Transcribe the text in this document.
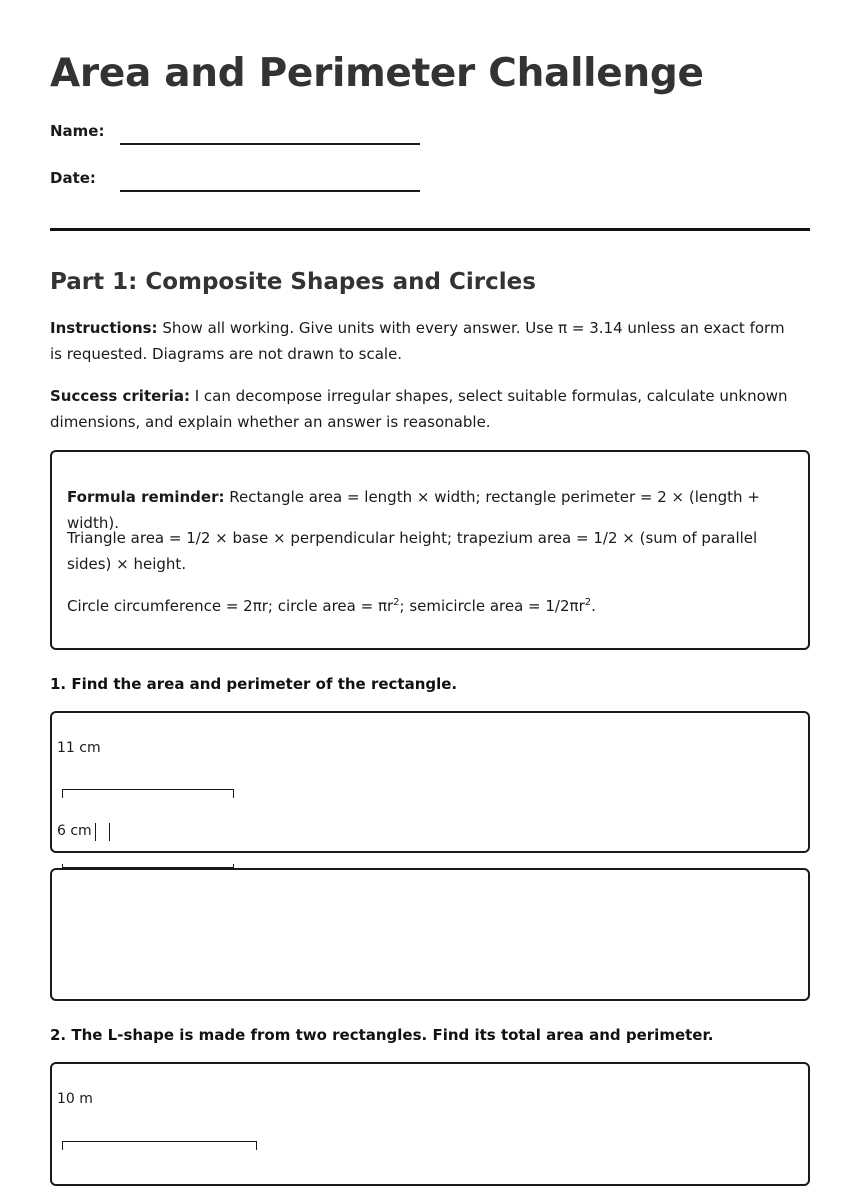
Area and Perimeter Challenge
Name:
Date:
Part 1: Composite Shapes and Circles
Instructions: Show all working. Give units with every answer. Use π = 3.14 unless an exact form is requested. Diagrams are not drawn to scale.
Success criteria: I can decompose irregular shapes, select suitable formulas, calculate unknown dimensions, and explain whether an answer is reasonable.
Formula reminder: Rectangle area = length × width; rectangle perimeter = 2 × (length + width).
Triangle area = 1/2 × base × perpendicular height; trapezium area = 1/2 × (sum of parallel sides) × height.
Circle circumference = 2πr; circle area = $\pi r^2$; semicircle area = $1/2\pi r^2$.
1. Find the area and perimeter of the rectangle.
11 cm
6 cm
2. The L-shape is made from two rectangles. Find its total area and perimeter.
10 m
